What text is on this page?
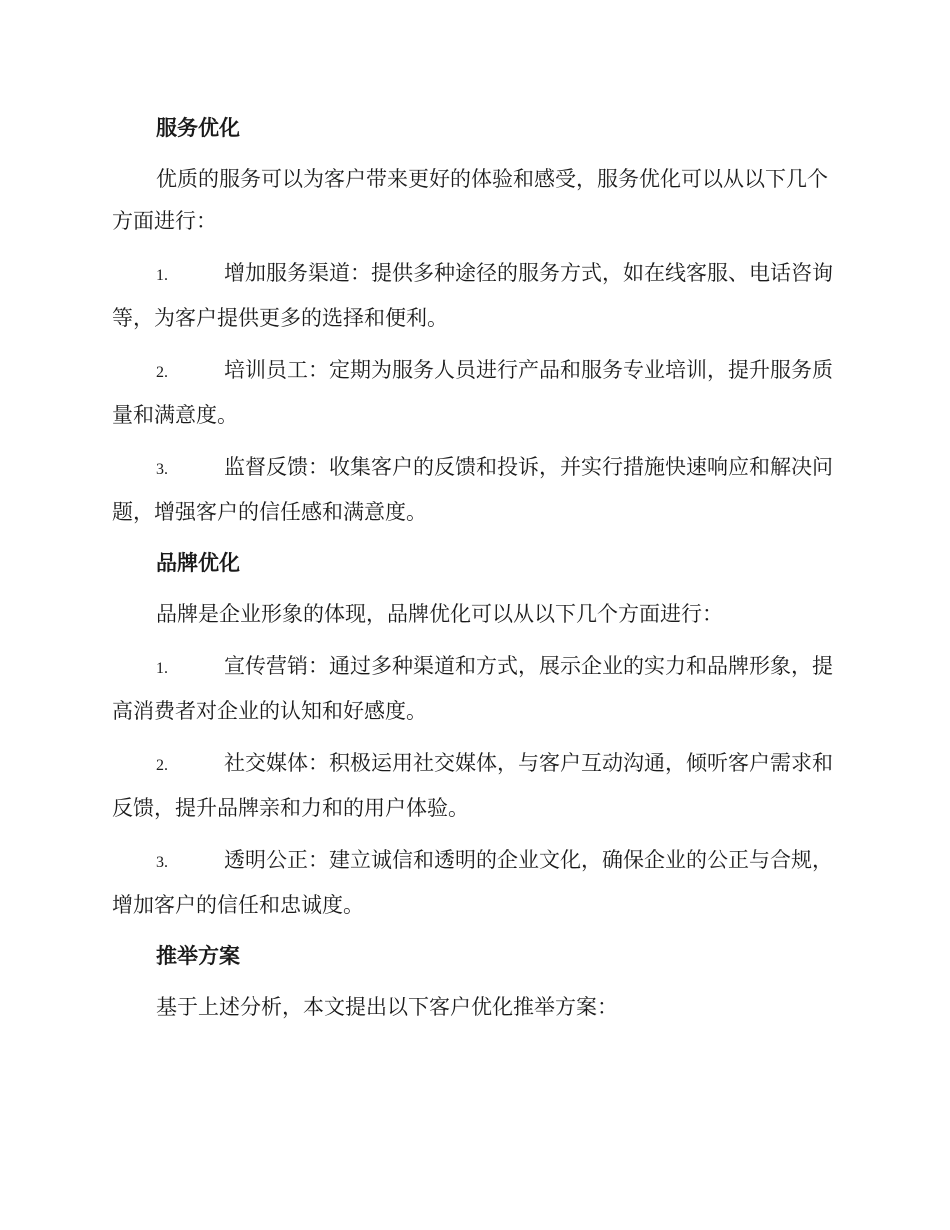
服务优化

优质的服务可以为客户带来更好的体验和感受，服务优化可以从以下几个方面进行：

1.	增加服务渠道：提供多种途径的服务方式，如在线客服、电话咨询等，为客户提供更多的选择和便利。
2.	培训员工：定期为服务人员进行产品和服务专业培训，提升服务质量和满意度。
3.	监督反馈：收集客户的反馈和投诉，并实行措施快速响应和解决问题，增强客户的信任感和满意度。
品牌优化

品牌是企业形象的体现，品牌优化可以从以下几个方面进行：

1.	宣传营销：通过多种渠道和方式，展示企业的实力和品牌形象，提高消费者对企业的认知和好感度。
2.	社交媒体：积极运用社交媒体，与客户互动沟通，倾听客户需求和反馈，提升品牌亲和力和的用户体验。
3.	透明公正：建立诚信和透明的企业文化，确保企业的公正与合规，增加客户的信任和忠诚度。
推举方案

基于上述分析，本文提出以下客户优化推举方案：
